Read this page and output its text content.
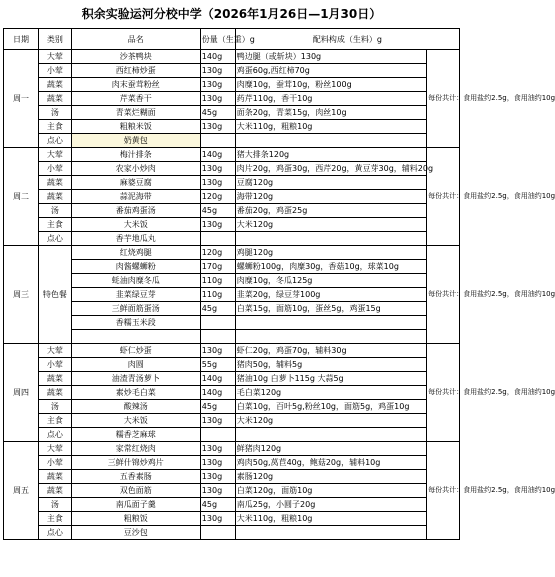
积余实验运河分校中学（2026年1月26日—1月30日）
日期	类别	品名	份量（生重）g	配料构成（生料）g	
周一	大荤	沙茶鸭块	140g	鸭边腿（或斩块）130g	每份共计：食用盐约2.5g，食用油约10g
	小荤	西红柿炒蛋	130g	鸡蛋60g,西红柿70g	
	蔬菜	肉末蚕茸粉丝	130g	肉糜10g，蚕茸10g，粉丝100g	
	蔬菜	芹菜香干	130g	药芹110g，香干10g	
	汤	青菜烂糊面	45g	面条20g，青菜15g，肉丝10g	
	主食	粗粮米饭	130g	大米110g，粗粮10g	
	点心	奶黄包			
周二	大荤	梅汁排条	140g	猪大排条120g	每份共计：食用盐约2.5g，食用油约10g
	小荤	农家小炒肉	130g	肉片20g，鸡蛋30g，西芹20g，黄豆芽30g，辅料20g	
	蔬菜	麻婆豆腐	130g	豆腐120g	
	蔬菜	蒜泥海带	120g	海带120g	
	汤	番茄鸡蛋汤	45g	番茄20g，鸡蛋25g	
	主食	大米饭	130g	大米120g	
	点心	香芋地瓜丸			
周三	特色餐	红烧鸡腿	120g	鸡腿120g	每份共计：食用盐约2.5g，食用油约10g
		肉酱螺蛳粉	170g	螺蛳粉100g，肉糜30g，香菇10g，球菜10g	
		蚝油肉糜冬瓜	110g	肉糜10g，冬瓜125g	
		韭菜绿豆芽	110g	韭菜20g，绿豆芽100g	
		三鲜面筋蛋汤	45g	白菜15g，面筋10g，蛋丝5g，鸡蛋15g	
		香糯玉米段			

周四	大荤	虾仁炒蛋	130g	虾仁20g，鸡蛋70g，辅料30g	每份共计：食用盐约2.5g，食用油约10g
	小荤	肉圆	55g	猪肉50g，辅料5g	
	蔬菜	油渣青汤萝卜	140g	猪油10g 白萝卜115g 大蒜5g	
	蔬菜	素炒毛白菜	140g	毛白菜120g	
	汤	酸辣汤	45g	白菜10g，百叶5g,粉丝10g，面筋5g，鸡蛋10g	
	主食	大米饭	130g	大米120g	
	点心	糯香芝麻球			
周五	大荤	家常红烧肉	130g	鲜猪肉120g	每份共计：食用盐约2.5g，食用油约10g
	小荤	三鲜什锦炒鸡片	130g	鸡肉50g,莴苣40g，鲍菇20g，辅料10g	
	蔬菜	五香素肠	130g	素肠120g	
	蔬菜	双色面筋	130g	白菜120g，面筋10g	
	汤	南瓜面子羹	45g	南瓜25g，小圆子20g	
	主食	粗粮饭	130g	大米110g，粗粮10g	
	点心	豆沙包			
